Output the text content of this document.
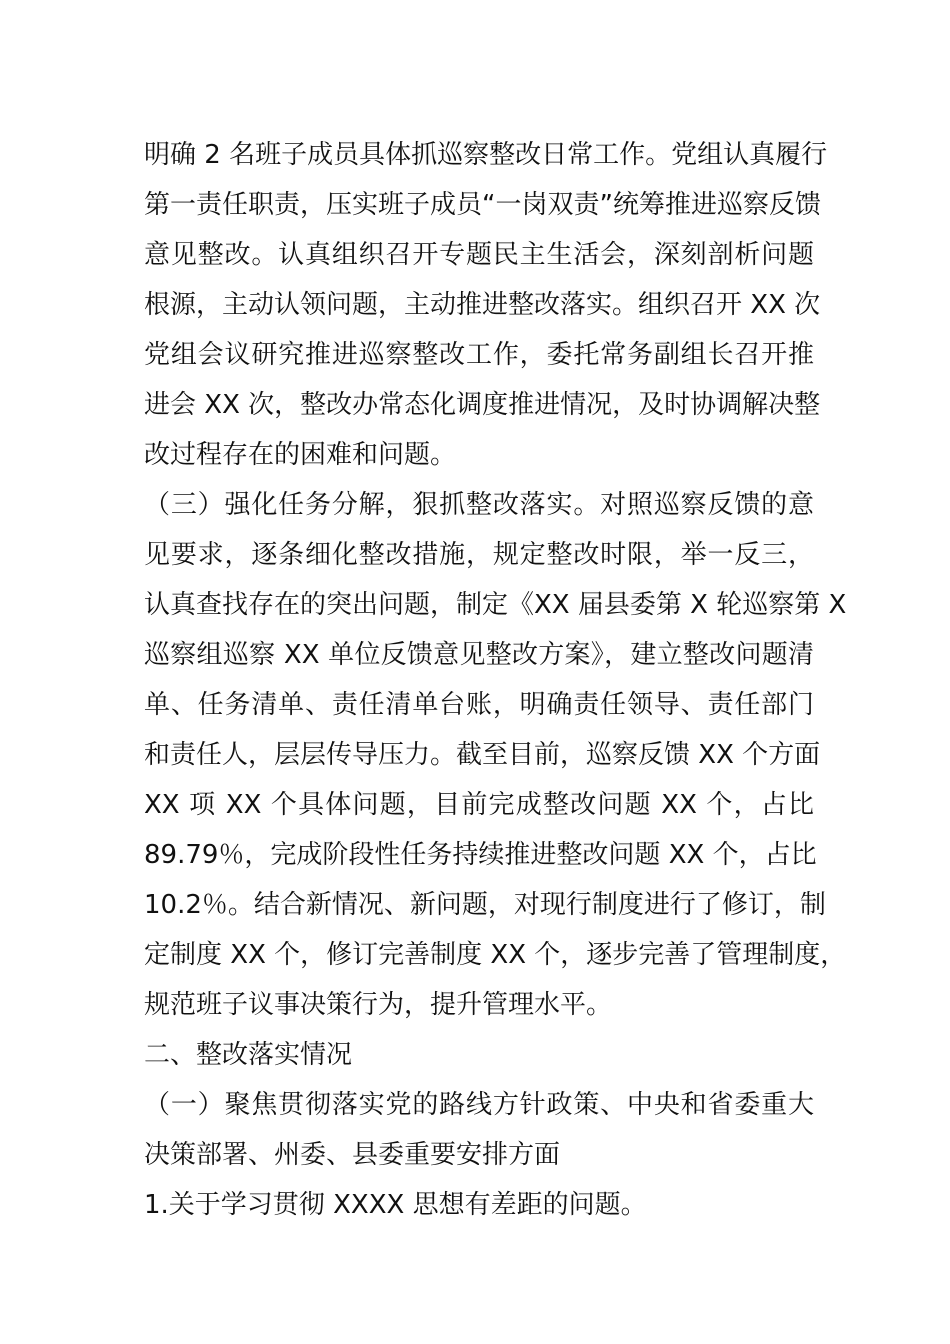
明确 2 名班子成员具体抓巡察整改日常工作。党组认真履行
第一责任职责，压实班子成员“一岗双责”统筹推进巡察反馈
意见整改。认真组织召开专题民主生活会，深刻剖析问题
根源，主动认领问题，主动推进整改落实。组织召开 XX 次
党组会议研究推进巡察整改工作，委托常务副组长召开推
进会 XX 次，整改办常态化调度推进情况，及时协调解决整
改过程存在的困难和问题。

（三）强化任务分解，狠抓整改落实。对照巡察反馈的意
见要求，逐条细化整改措施，规定整改时限，举一反三，
认真查找存在的突出问题，制定《XX 届县委第 X 轮巡察第 X
巡察组巡察 XX 单位反馈意见整改方案》，建立整改问题清
单、任务清单、责任清单台账，明确责任领导、责任部门
和责任人，层层传导压力。截至目前，巡察反馈 XX 个方面
XX 项 XX 个具体问题，目前完成整改问题 XX 个，占比
89.79％，完成阶段性任务持续推进整改问题 XX 个，占比
10.2％。结合新情况、新问题，对现行制度进行了修订，制
定制度 XX 个，修订完善制度 XX 个，逐步完善了管理制度，
规范班子议事决策行为，提升管理水平。

二、整改落实情况

（一）聚焦贯彻落实党的路线方针政策、中央和省委重大
决策部署、州委、县委重要安排方面

1.关于学习贯彻 XXXX 思想有差距的问题。
